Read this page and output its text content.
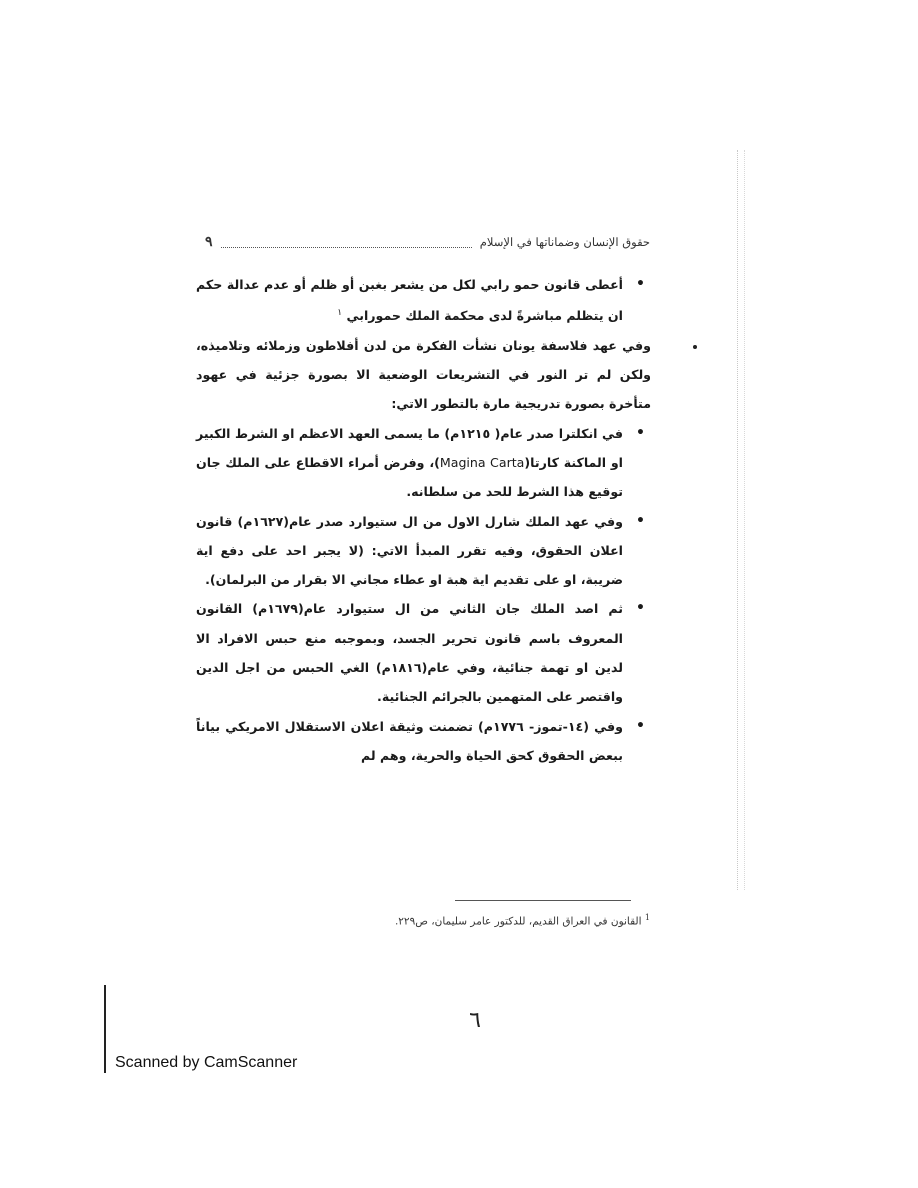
حقوق الإنسان وضماناتها في الإسلام
٩

•
أعطى قانون حمو رابي لكل من يشعر بغبن أو ظلم أو عدم عدالة حكم ان يتظلم مباشرةً لدى محكمة الملك حمورابي $^١$

وفي عهد فلاسفة يونان نشأت الفكرة من لدن أفلاطون وزملائه وتلاميذه، ولكن لم تر النور في التشريعات الوضعية الا بصورة جزئية في عهود متأخرة بصورة تدريجية مارة بالتطور الاتي:

•
في انكلترا صدر عام( ١٢١٥م) ما يسمى العهد الاعظم او الشرط الكبير او الماكنة كارتا(Magina Carta)، وفرض أمراء الاقطاع على الملك جان توقيع هذا الشرط للحد من سلطانه.

•
وفي عهد الملك شارل الاول من ال ستيوارد صدر عام(١٦٢٧م) قانون اعلان الحقوق، وفيه تقرر المبدأ الاتي: (لا يجبر احد على دفع اية ضريبة، او على تقديم اية هبة او عطاء مجاني الا بقرار من البرلمان).

•
ثم اصد الملك جان الثاني من ال ستيوارد عام(١٦٧٩م) القانون المعروف باسم قانون تحرير الجسد، وبموجبه منع حبس الافراد الا لدين او تهمة جنائية، وفي عام(١٨١٦م) الغي الحبس من اجل الدين واقتصر على المتهمين بالجرائم الجنائية.

•
وفي (١٤-تموز- ١٧٧٦م) تضمنت وثيقة اعلان الاستقلال الامريكي بياناً ببعض الحقوق كحق الحياة والحرية، وهم لم

$^1$ القانون في العراق القديم، للدكتور عامر سليمان، ص٢٢٩.
٦
Scanned by CamScanner
